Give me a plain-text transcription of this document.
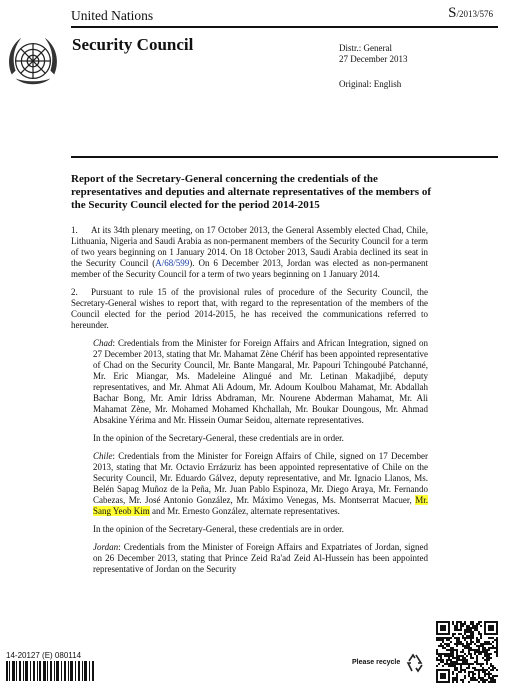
United Nations	S/2013/576
Security Council	Distr.: General
27 December 2013
Original: English
Report of the Secretary-General concerning the credentials of the representatives and deputies and alternate representatives of the members of the Security Council elected for the period 2014-2015

1. At its 34th plenary meeting, on 17 October 2013, the General Assembly elected Chad, Chile, Lithuania, Nigeria and Saudi Arabia as non-permanent members of the Security Council for a term of two years beginning on 1 January 2014. On 18 October 2013, Saudi Arabia declined its seat in the Security Council (A/68/599). On 6 December 2013, Jordan was elected as non-permanent member of the Security Council for a term of two years beginning on 1 January 2014.

2. Pursuant to rule 15 of the provisional rules of procedure of the Security Council, the Secretary-General wishes to report that, with regard to the representation of the members of the Council elected for the period 2014-2015, he has received the communications referred to hereunder.

Chad: Credentials from the Minister for Foreign Affairs and African Integration, signed on 27 December 2013, stating that Mr. Mahamat Zène Chérif has been appointed representative of Chad on the Security Council, Mr. Bante Mangaral, Mr. Papouri Tchingoubé Patchanné, Mr. Eric Miangar, Ms. Madeleine Alingué and Mr. Letinan Makadjibé, deputy representatives, and Mr. Ahmat Ali Adoum, Mr. Adoum Koulbou Mahamat, Mr. Abdallah Bachar Bong, Mr. Amir Idriss Abdraman, Mr. Nourene Abderman Mahamat, Mr. Ali Mahamat Zène, Mr. Mohamed Mohamed Khchallah, Mr. Boukar Doungous, Mr. Ahmad Absakine Yérima and Mr. Hissein Oumar Seidou, alternate representatives.

In the opinion of the Secretary-General, these credentials are in order.

Chile: Credentials from the Minister for Foreign Affairs of Chile, signed on 17 December 2013, stating that Mr. Octavio Errázuriz has been appointed representative of Chile on the Security Council, Mr. Eduardo Gálvez, deputy representative, and Mr. Ignacio Llanos, Ms. Belén Sapag Muñoz de la Peña, Mr. Juan Pablo Espinoza, Mr. Diego Araya, Mr. Fernando Cabezas, Mr. José Antonio González, Mr. Máximo Venegas, Ms. Montserrat Macuer, Mr. Sang Yeob Kim and Mr. Ernesto González, alternate representatives.

In the opinion of the Secretary-General, these credentials are in order.

Jordan: Credentials from the Minister of Foreign Affairs and Expatriates of Jordan, signed on 26 December 2013, stating that Prince Zeid Ra'ad Zeid Al-Hussein has been appointed representative of Jordan on the Security

14-20127 (E) 080114
Please recycle
